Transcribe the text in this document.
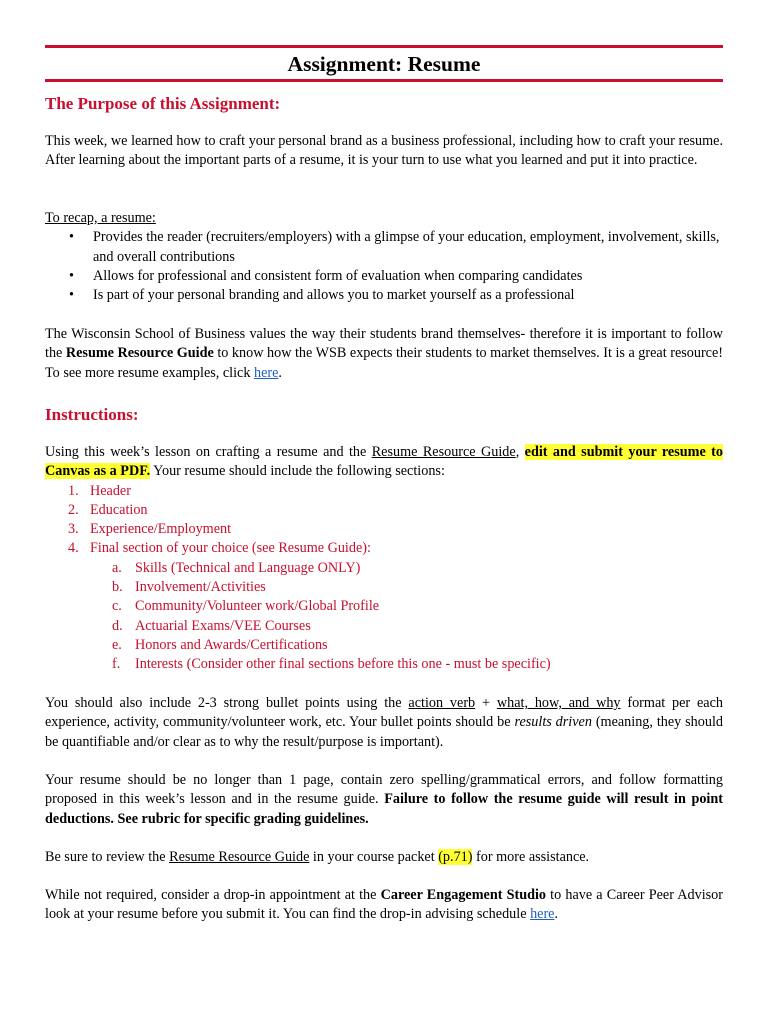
Assignment: Resume
The Purpose of this Assignment:
This week, we learned how to craft your personal brand as a business professional, including how to craft your resume. After learning about the important parts of a resume, it is your turn to use what you learned and put it into practice.
To recap, a resume:
• Provides the reader (recruiters/employers) with a glimpse of your education, employment, involvement, skills, and overall contributions
• Allows for professional and consistent form of evaluation when comparing candidates
• Is part of your personal branding and allows you to market yourself as a professional
The Wisconsin School of Business values the way their students brand themselves- therefore it is important to follow the Resume Resource Guide to know how the WSB expects their students to market themselves. It is a great resource! To see more resume examples, click here.
Instructions:
Using this week’s lesson on crafting a resume and the Resume Resource Guide, edit and submit your resume to Canvas as a PDF. Your resume should include the following sections:
1. Header
2. Education
3. Experience/Employment
4. Final section of your choice (see Resume Guide):
a. Skills (Technical and Language ONLY)
b. Involvement/Activities
c. Community/Volunteer work/Global Profile
d. Actuarial Exams/VEE Courses
e. Honors and Awards/Certifications
f. Interests (Consider other final sections before this one - must be specific)
You should also include 2-3 strong bullet points using the action verb + what, how, and why format per each experience, activity, community/volunteer work, etc. Your bullet points should be results driven (meaning, they should be quantifiable and/or clear as to why the result/purpose is important).
Your resume should be no longer than 1 page, contain zero spelling/grammatical errors, and follow formatting proposed in this week’s lesson and in the resume guide. Failure to follow the resume guide will result in point deductions. See rubric for specific grading guidelines.
Be sure to review the Resume Resource Guide in your course packet (p.71) for more assistance.
While not required, consider a drop-in appointment at the Career Engagement Studio to have a Career Peer Advisor look at your resume before you submit it. You can find the drop-in advising schedule here.
